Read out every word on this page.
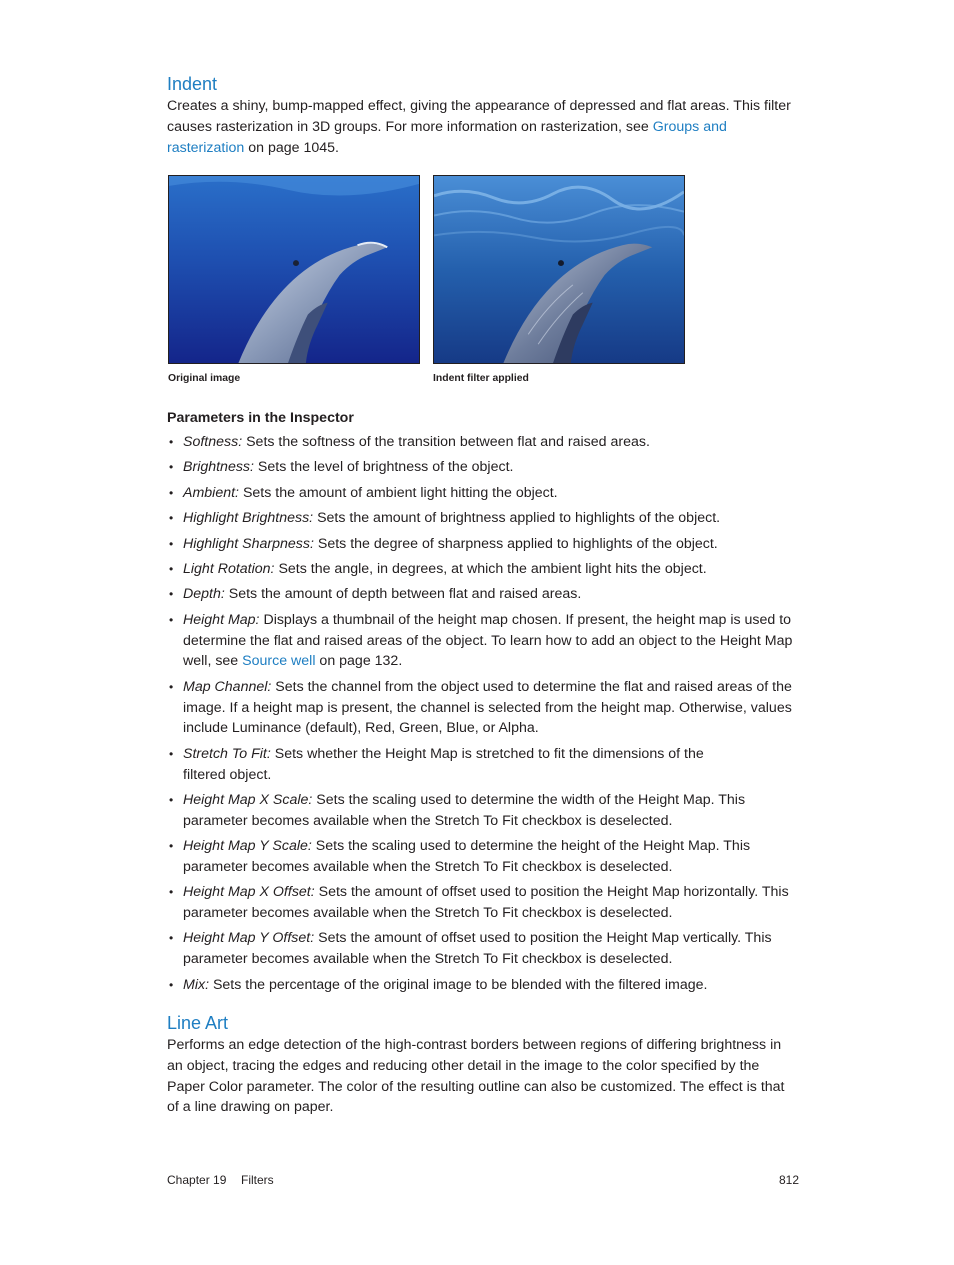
Indent

Creates a shiny, bump-mapped effect, giving the appearance of depressed and flat areas. This filter causes rasterization in 3D groups. For more information on rasterization, see Groups and rasterization on page 1045.

Original image	Indent filter applied
Parameters in the Inspector
• Softness: Sets the softness of the transition between flat and raised areas.
• Brightness: Sets the level of brightness of the object.
• Ambient: Sets the amount of ambient light hitting the object.
• Highlight Brightness: Sets the amount of brightness applied to highlights of the object.
• Highlight Sharpness: Sets the degree of sharpness applied to highlights of the object.
• Light Rotation: Sets the angle, in degrees, at which the ambient light hits the object.
• Depth: Sets the amount of depth between flat and raised areas.
• Height Map: Displays a thumbnail of the height map chosen. If present, the height map is used to determine the flat and raised areas of the object. To learn how to add an object to the Height Map well, see Source well on page 132.
• Map Channel: Sets the channel from the object used to determine the flat and raised areas of the image. If a height map is present, the channel is selected from the height map. Otherwise, values include Luminance (default), Red, Green, Blue, or Alpha.
• Stretch To Fit: Sets whether the Height Map is stretched to fit the dimensions of the filtered object.
• Height Map X Scale: Sets the scaling used to determine the width of the Height Map. This parameter becomes available when the Stretch To Fit checkbox is deselected.
• Height Map Y Scale: Sets the scaling used to determine the height of the Height Map. This parameter becomes available when the Stretch To Fit checkbox is deselected.
• Height Map X Offset: Sets the amount of offset used to position the Height Map horizontally. This parameter becomes available when the Stretch To Fit checkbox is deselected.
• Height Map Y Offset: Sets the amount of offset used to position the Height Map vertically. This parameter becomes available when the Stretch To Fit checkbox is deselected.
• Mix: Sets the percentage of the original image to be blended with the filtered image.
Line Art

Performs an edge detection of the high-contrast borders between regions of differing brightness in an object, tracing the edges and reducing other detail in the image to the color specified by the Paper Color parameter. The color of the resulting outline can also be customized. The effect is that of a line drawing on paper.

Chapter 19 Filters	812
